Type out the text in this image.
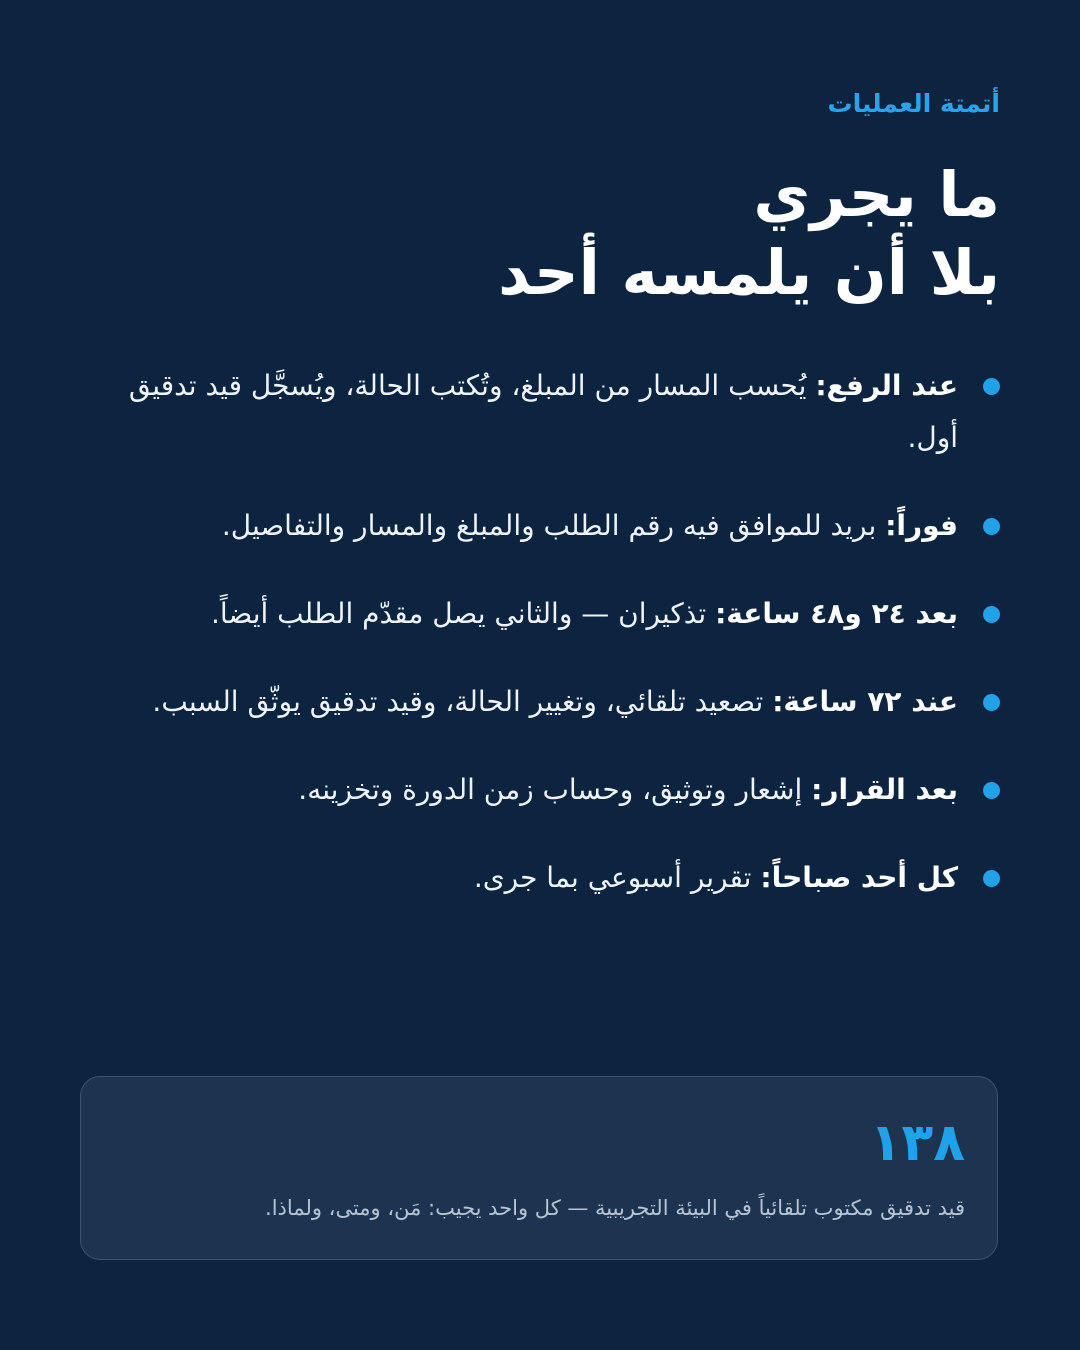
أتمتة العمليات
ما يجري
بلا أن يلمسه أحد
عند الرفع: يُحسب المسار من المبلغ، وتُكتب الحالة، ويُسجَّل قيد تدقيق أول.
فوراً: بريد للموافق فيه رقم الطلب والمبلغ والمسار والتفاصيل.
بعد ٢٤ و٤٨ ساعة: تذكيران — والثاني يصل مقدّم الطلب أيضاً.
عند ٧٢ ساعة: تصعيد تلقائي، وتغيير الحالة، وقيد تدقيق يوثّق السبب.
بعد القرار: إشعار وتوثيق، وحساب زمن الدورة وتخزينه.
كل أحد صباحاً: تقرير أسبوعي بما جرى.
١٣٨
قيد تدقيق مكتوب تلقائياً في البيئة التجريبية — كل واحد يجيب: مَن، ومتى، ولماذا.
